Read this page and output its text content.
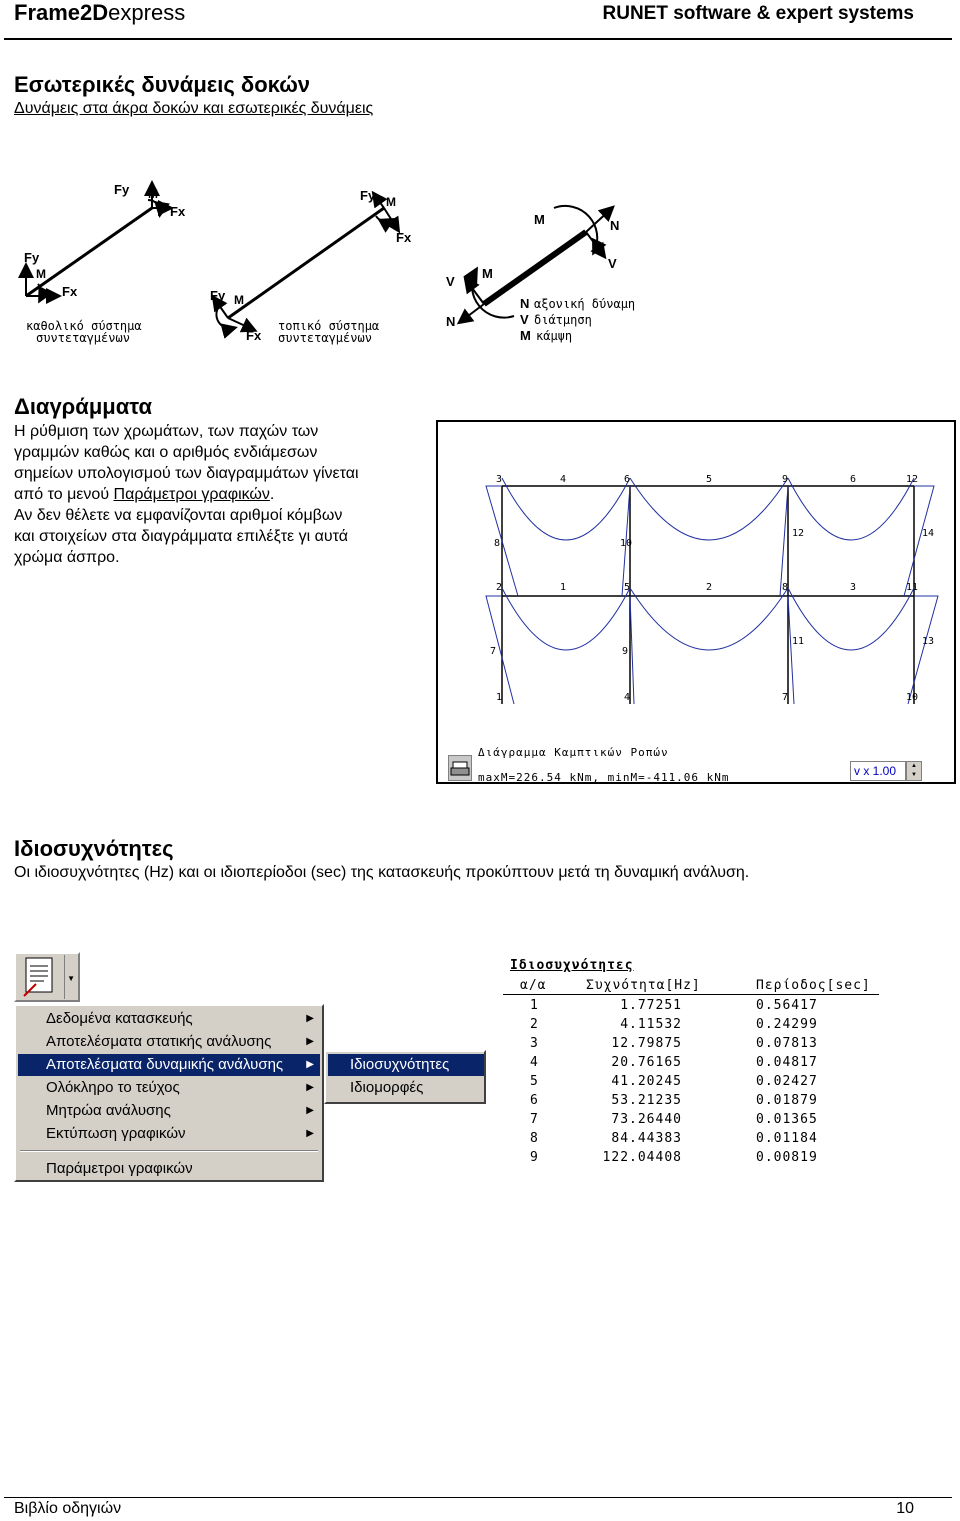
Frame2Dexpress	RUNET software & expert systems
Εσωτερικές δυνάμεις δοκών
Δυνάμεις στα άκρα δοκών και εσωτερικές δυνάμεις
Fy
M
Fx
Fy M
Fx
καθολικό σύστημα
συντεταγμένων
Fy M
Fx
Fy M
Fx
τοπικό σύστημα
συντεταγμένων
M	N
V
V
M
N
N αξονική δύναμη
V διάτμηση
M κάμψη
Διαγράμματα
Η ρύθμιση των χρωμάτων, των παχών των
γραμμών καθώς και ο αριθμός ενδιάμεσων
σημείων υπολογισμού των διαγραμμάτων γίνεται
από το μενού Παράμετροι γραφικών.
Αν δεν θέλετε να εμφανίζονται αριθμοί κόμβων
και στοιχείων στα διαγράμματα επιλέξτε γι αυτά
χρώμα άσπρο.
3	6	9	12
2	5	8	11
1	4	7	10
4	5	6
1	2	3
8	10
12	14
7	9
11	13
Διάγραμμα Καμπτικών Ροπών
maxM=226.54 kNm, minM=-411.06 kNm	v x 1.00	▲
▼
Ιδιοσυχνότητες
Οι ιδιοσυχνότητες (Hz) και οι ιδιοπερίοδοι (sec) της κατασκευής προκύπτουν μετά τη δυναμική ανάλυση.
▼
Δεδομένα κατασκευής	▶
Αποτελέσματα στατικής ανάλυσης	▶
Αποτελέσματα δυναμικής ανάλυσης ▶
Ολόκληρο το τεύχος	▶
Μητρώα ανάλυσης	▶
Εκτύπωση γραφικών	▶
Παράμετροι γραφικών
Ιδιοσυχνότητες
Ιδιομορφές
Ιδιοσυχνότητες
α/α	Συχνότητα[Hz]	Περίοδος[sec]
1	1.77251	0.56417
2	4.11532	0.24299
3	12.79875	0.07813
4	20.76165	0.04817
5	41.20245	0.02427
6	53.21235	0.01879
7	73.26440	0.01365
8	84.44383	0.01184
9	122.04408	0.00819
Βιβλίο οδηγιών	10
